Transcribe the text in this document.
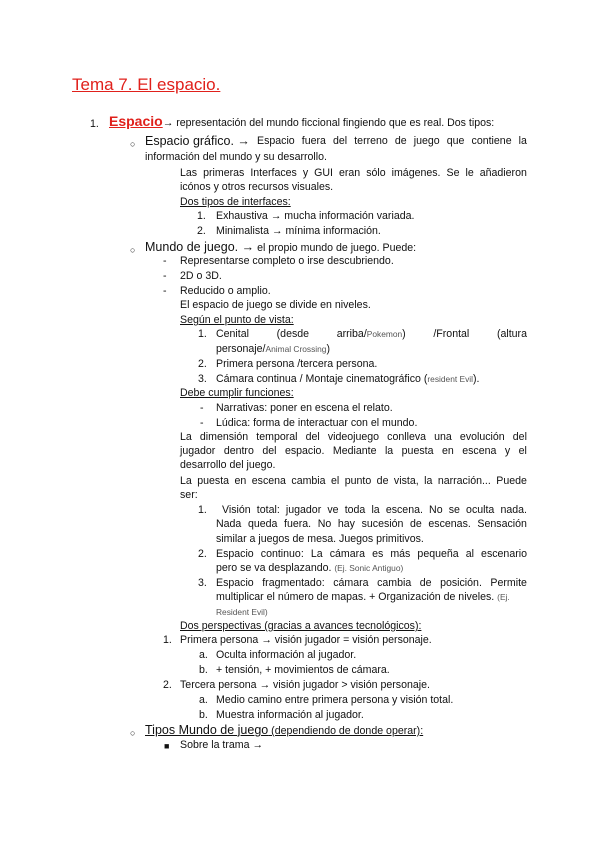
Tema 7. El espacio.
1. Espacio→ representación del mundo ficcional fingiendo que es real. Dos tipos:
○ Espacio gráfico. → Espacio fuera del terreno de juego que contiene la
información del mundo y su desarrollo.
Las primeras Interfaces y GUI eran sólo imágenes. Se le añadieron
icónos y otros recursos visuales.
Dos tipos de interfaces:
1. Exhaustiva → mucha información variada.
2. Minimalista → mínima información.
○ Mundo de juego. → el propio mundo de juego. Puede:
- Representarse completo o irse descubriendo.
- 2D o 3D.
- Reducido o amplio.
El espacio de juego se divide en niveles.
Según el punto de vista:
1. Cenital	(desde	arriba/Pokemon)	/Frontal	(altura
personaje/Animal Crossing)
2. Primera persona /tercera persona.
3. Cámara continua / Montaje cinematográfico (resident Evil).
Debe cumplir funciones:
- Narrativas: poner en escena el relato.
- Lúdica: forma de interactuar con el mundo.
La dimensión temporal del videojuego conlleva una evolución del
jugador dentro del espacio. Mediante la puesta en escena y el
desarrollo del juego.
La puesta en escena cambia el punto de vista, la narración... Puede
ser:
1. Visión total: jugador ve toda la escena. No se oculta nada.
Nada queda fuera. No hay sucesión de escenas. Sensación
similar a juegos de mesa. Juegos primitivos.
2. Espacio continuo: La cámara es más pequeña al escenario
pero se va desplazando. (Ej. Sonic Antiguo)
3. Espacio fragmentado: cámara cambia de posición. Permite
multiplicar el número de mapas. + Organización de niveles. (Ej.
Resident Evil)
Dos perspectivas (gracias a avances tecnológicos):
1. Primera persona → visión jugador = visión personaje.
a. Oculta información al jugador.
b. + tensión, + movimientos de cámara.
2. Tercera persona → visión jugador > visión personaje.
a. Medio camino entre primera persona y visión total.
b. Muestra información al jugador.
○ Tipos Mundo de juego (dependiendo de donde operar):
■ Sobre la trama →
